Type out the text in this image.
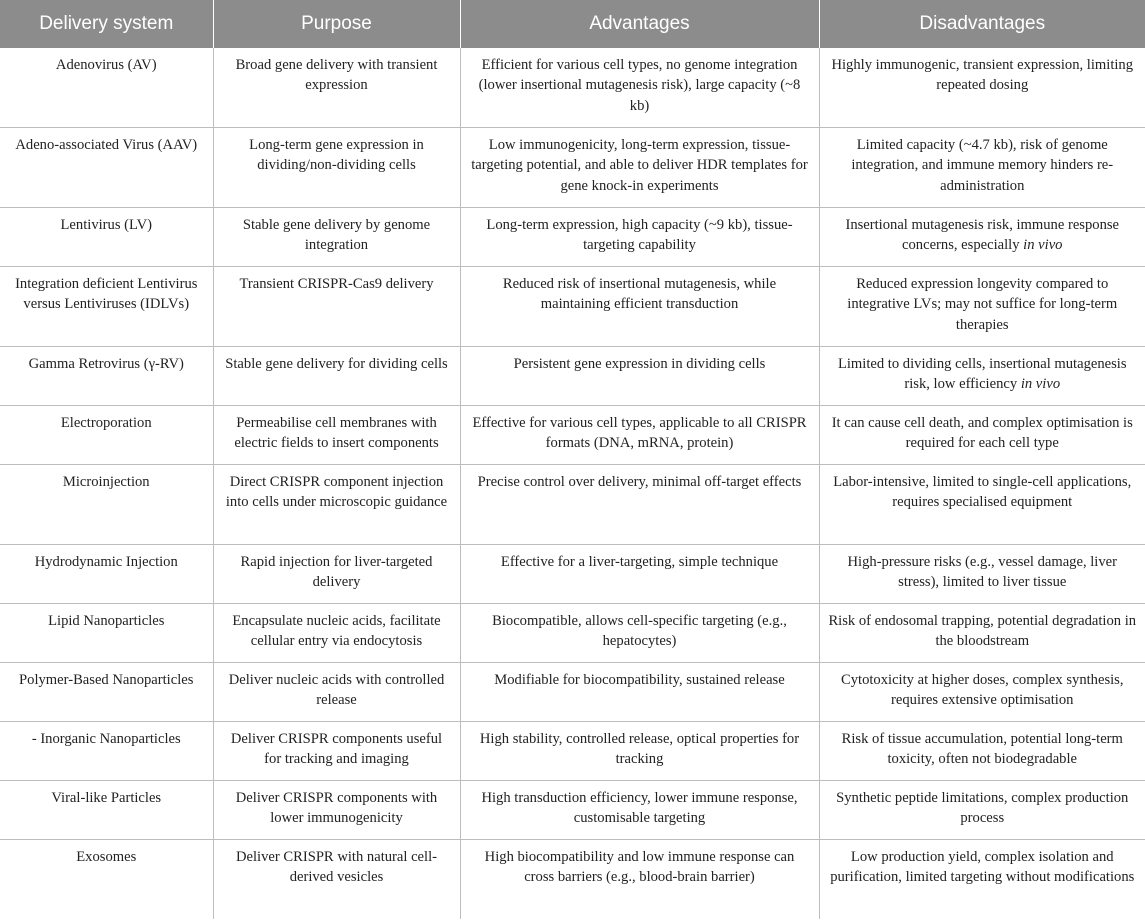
Delivery system	Purpose	Advantages	Disadvantages
Adenovirus (AV)	Broad gene delivery with transient expression	Efficient for various cell types, no genome integration (lower insertional mutagenesis risk), large capacity (~8 kb)	Highly immunogenic, transient expression, limiting repeated dosing
Adeno-associated Virus (AAV)	Long-term gene expression in dividing/non-dividing cells	Low immunogenicity, long-term expression, tissue-targeting potential, and able to deliver HDR templates for gene knock-in experiments	Limited capacity (~4.7 kb), risk of genome integration, and immune memory hinders re-administration
Lentivirus (LV)	Stable gene delivery by genome integration	Long-term expression, high capacity (~9 kb), tissue-targeting capability	Insertional mutagenesis risk, immune response concerns, especially in vivo
Integration deficient Lentivirus versus Lentiviruses (IDLVs)	Transient CRISPR-Cas9 delivery	Reduced risk of insertional mutagenesis, while maintaining efficient transduction	Reduced expression longevity compared to integrative LVs; may not suffice for long-term therapies
Gamma Retrovirus (γ-RV)	Stable gene delivery for dividing cells	Persistent gene expression in dividing cells	Limited to dividing cells, insertional mutagenesis risk, low efficiency in vivo
Electroporation	Permeabilise cell membranes with electric fields to insert components	Effective for various cell types, applicable to all CRISPR formats (DNA, mRNA, protein)	It can cause cell death, and complex optimisation is required for each cell type
Microinjection	Direct CRISPR component injection into cells under microscopic guidance	Precise control over delivery, minimal off-target effects	Labor-intensive, limited to single-cell applications, requires specialised equipment
Hydrodynamic Injection	Rapid injection for liver-targeted delivery	Effective for a liver-targeting, simple technique	High-pressure risks (e.g., vessel damage, liver stress), limited to liver tissue
Lipid Nanoparticles	Encapsulate nucleic acids, facilitate cellular entry via endocytosis	Biocompatible, allows cell-specific targeting (e.g., hepatocytes)	Risk of endosomal trapping, potential degradation in the bloodstream
Polymer-Based Nanoparticles	Deliver nucleic acids with controlled release	Modifiable for biocompatibility, sustained release	Cytotoxicity at higher doses, complex synthesis, requires extensive optimisation
- Inorganic Nanoparticles	Deliver CRISPR components useful for tracking and imaging	High stability, controlled release, optical properties for tracking	Risk of tissue accumulation, potential long-term toxicity, often not biodegradable
Viral-like Particles	Deliver CRISPR components with lower immunogenicity	High transduction efficiency, lower immune response, customisable targeting	Synthetic peptide limitations, complex production process
Exosomes	Deliver CRISPR with natural cell-derived vesicles	High biocompatibility and low immune response can cross barriers (e.g., blood-brain barrier)	Low production yield, complex isolation and purification, limited targeting without modifications
